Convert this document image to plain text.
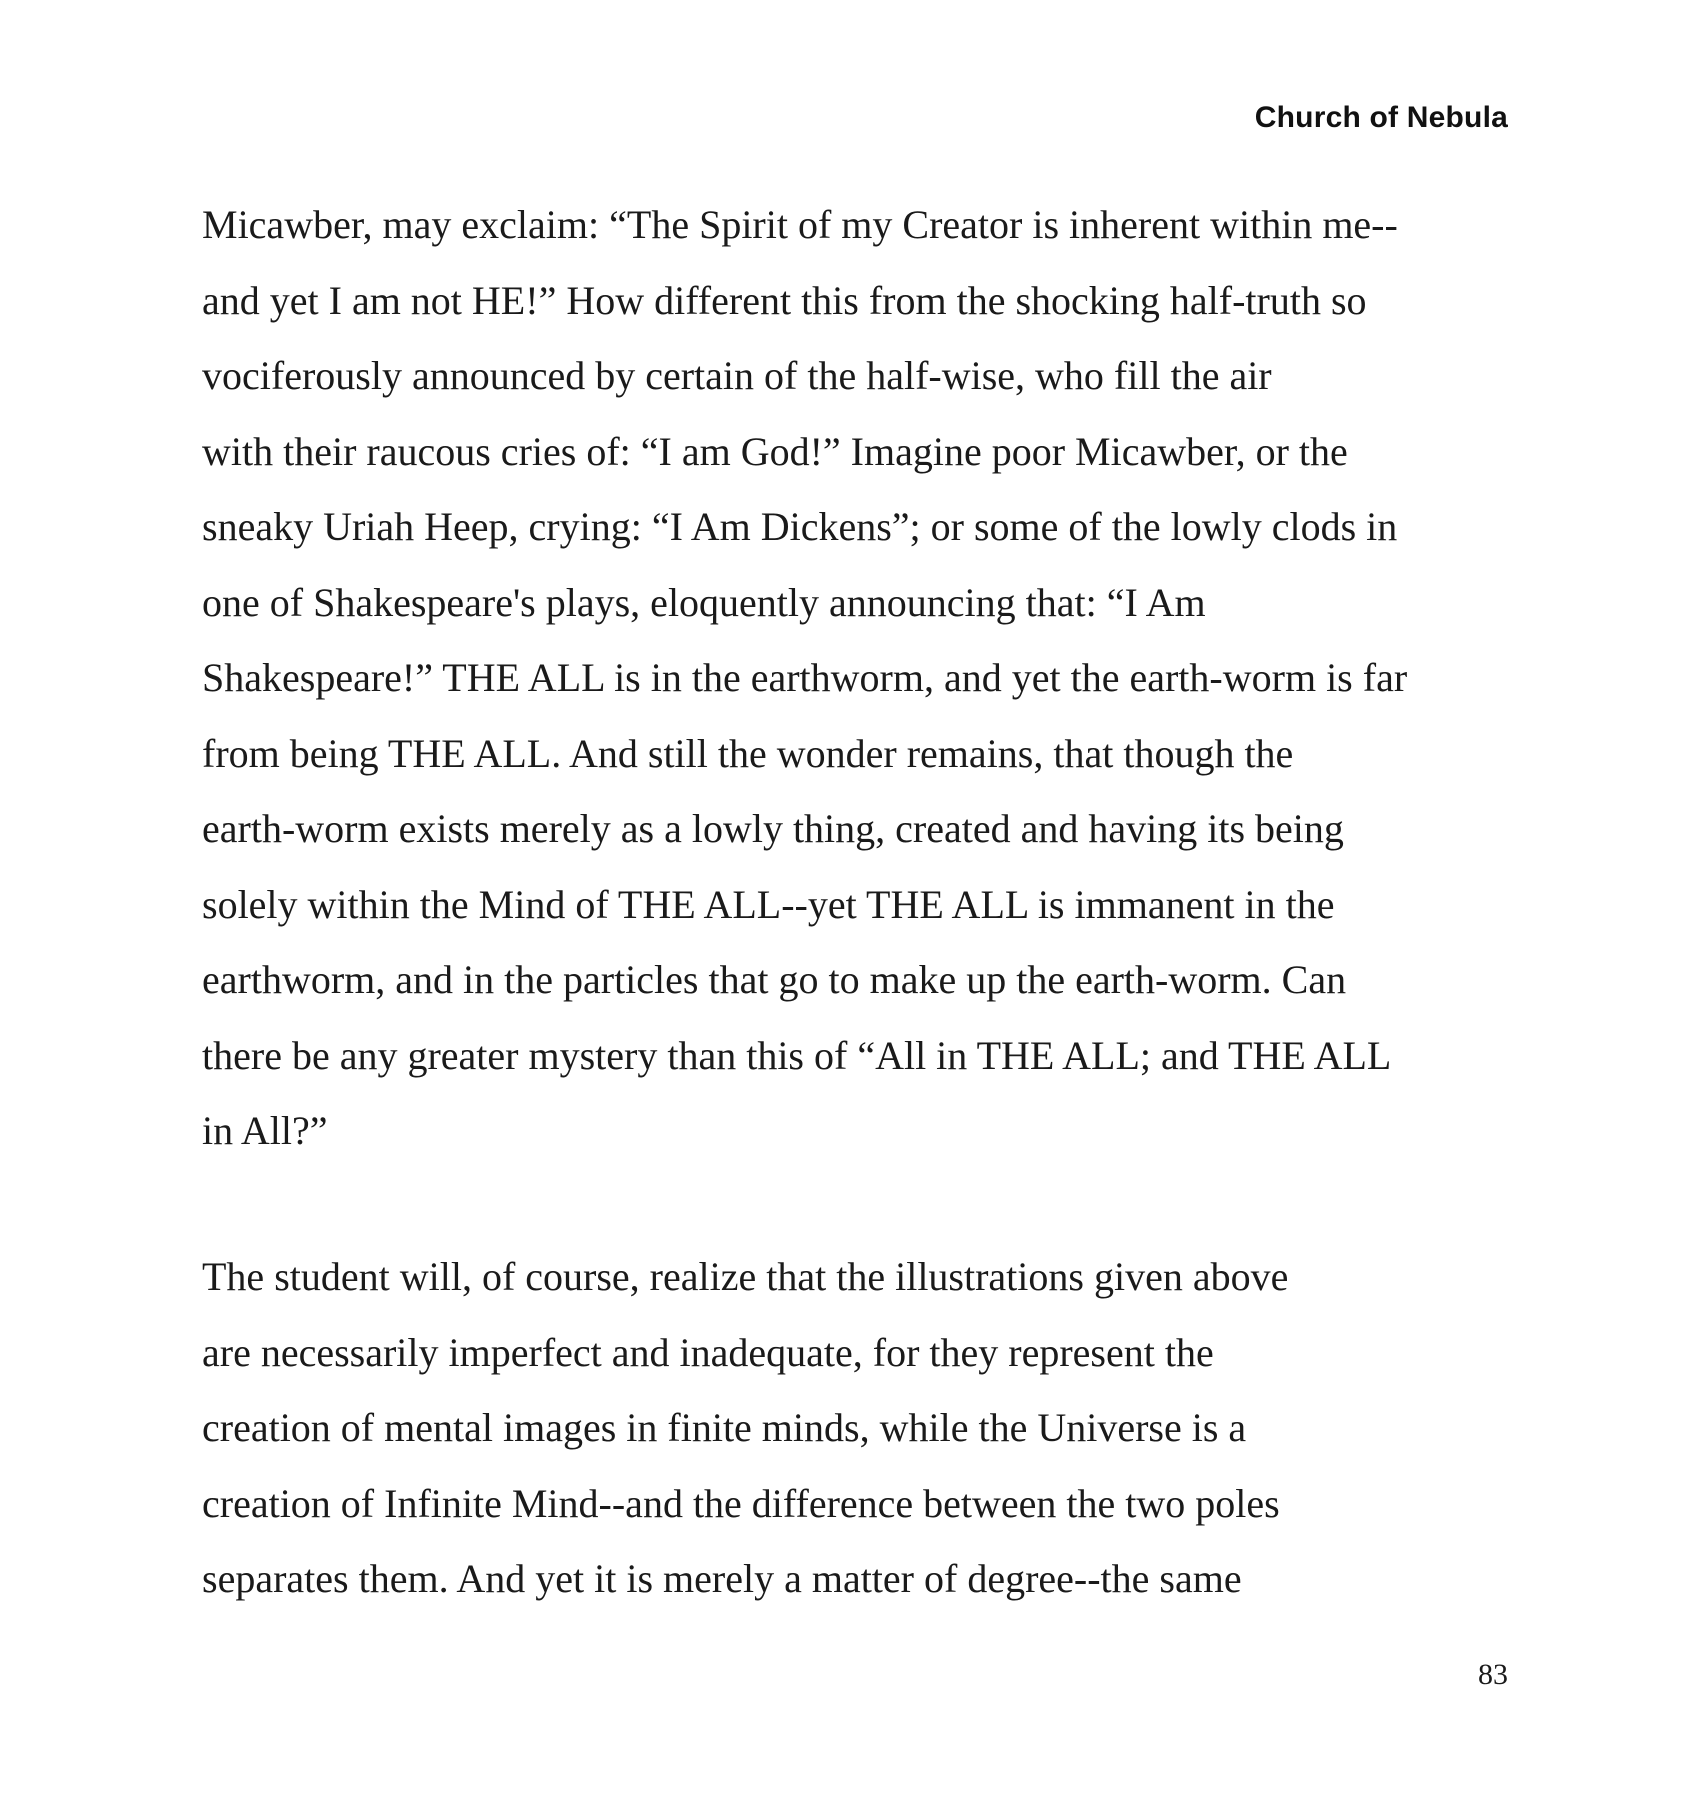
Church of Nebula

Micawber, may exclaim: “The Spirit of my Creator is inherent within me--
and yet I am not HE!” How different this from the shocking half-truth so
vociferously announced by certain of the half-wise, who fill the air
with their raucous cries of: “I am God!” Imagine poor Micawber, or the
sneaky Uriah Heep, crying: “I Am Dickens”; or some of the lowly clods in
one of Shakespeare's plays, eloquently announcing that: “I Am
Shakespeare!” THE ALL is in the earthworm, and yet the earth-worm is far
from being THE ALL. And still the wonder remains, that though the
earth-worm exists merely as a lowly thing, created and having its being
solely within the Mind of THE ALL--yet THE ALL is immanent in the
earthworm, and in the particles that go to make up the earth-worm. Can
there be any greater mystery than this of “All in THE ALL; and THE ALL
in All?”
The student will, of course, realize that the illustrations given above
are necessarily imperfect and inadequate, for they represent the
creation of mental images in finite minds, while the Universe is a
creation of Infinite Mind--and the difference between the two poles
separates them. And yet it is merely a matter of degree--the same

83
